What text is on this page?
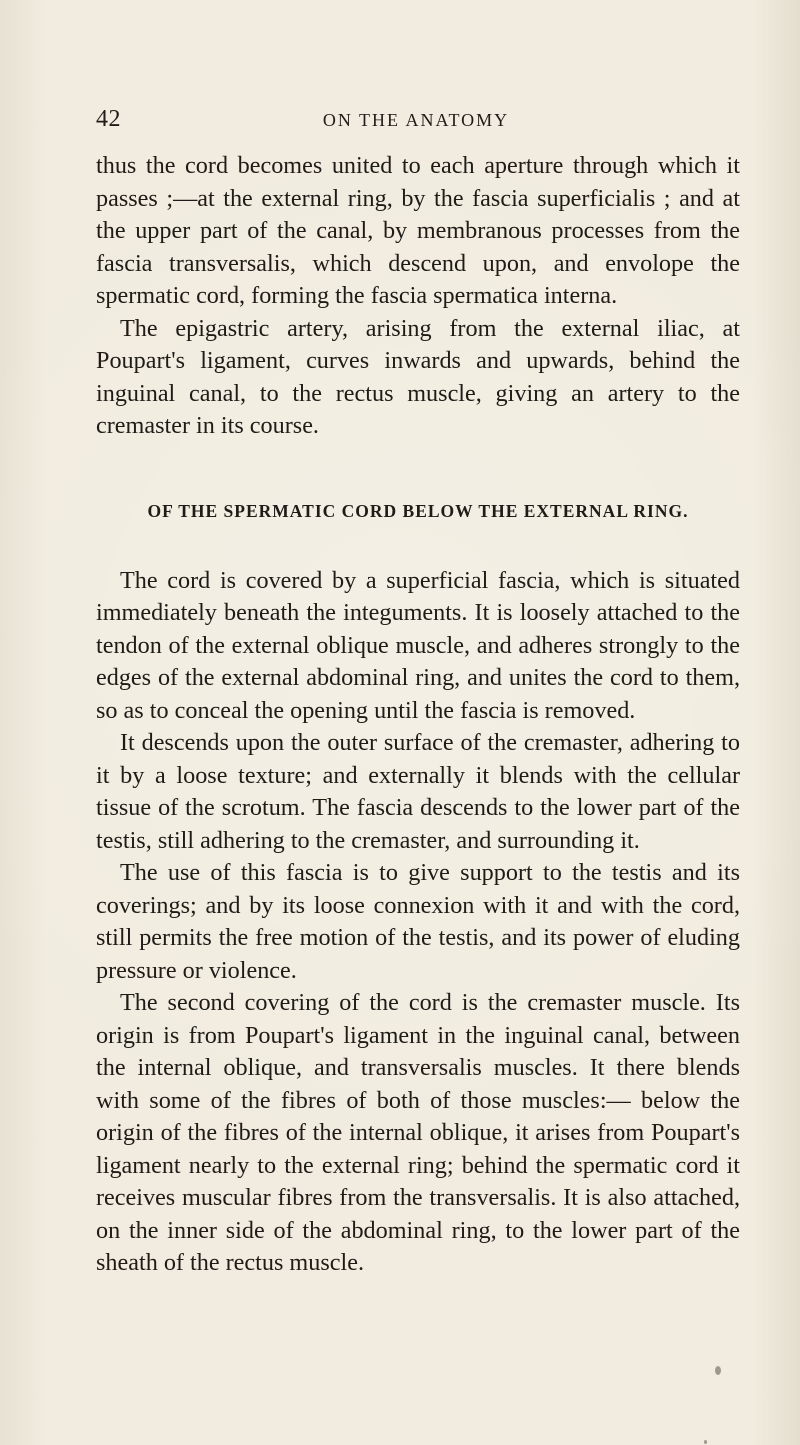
42	ON THE ANATOMY

thus the cord becomes united to each aperture through which it passes ;—at the external ring, by the fascia superficialis ; and at the upper part of the canal, by membranous processes from the fascia transversalis, which descend upon, and envolope the spermatic cord, forming the fascia spermatica interna.

The epigastric artery, arising from the external iliac, at Poupart's ligament, curves inwards and upwards, behind the inguinal canal, to the rectus muscle, giving an artery to the cremaster in its course.

OF THE SPERMATIC CORD BELOW THE EXTERNAL RING.

The cord is covered by a superficial fascia, which is situated immediately beneath the integuments. It is loosely attached to the tendon of the external oblique muscle, and adheres strongly to the edges of the external abdominal ring, and unites the cord to them, so as to conceal the opening until the fascia is removed.

It descends upon the outer surface of the cremaster, adhering to it by a loose texture; and externally it blends with the cellular tissue of the scrotum. The fascia descends to the lower part of the testis, still adhering to the cremaster, and surrounding it.

The use of this fascia is to give support to the testis and its coverings; and by its loose connexion with it and with the cord, still permits the free motion of the testis, and its power of eluding pressure or violence.

The second covering of the cord is the cremaster muscle. Its origin is from Poupart's ligament in the inguinal canal, between the internal oblique, and transversalis muscles. It there blends with some of the fibres of both of those muscles:— below the origin of the fibres of the internal oblique, it arises from Poupart's ligament nearly to the external ring; behind the spermatic cord it receives muscular fibres from the transversalis. It is also attached, on the inner side of the abdominal ring, to the lower part of the sheath of the rectus muscle.
